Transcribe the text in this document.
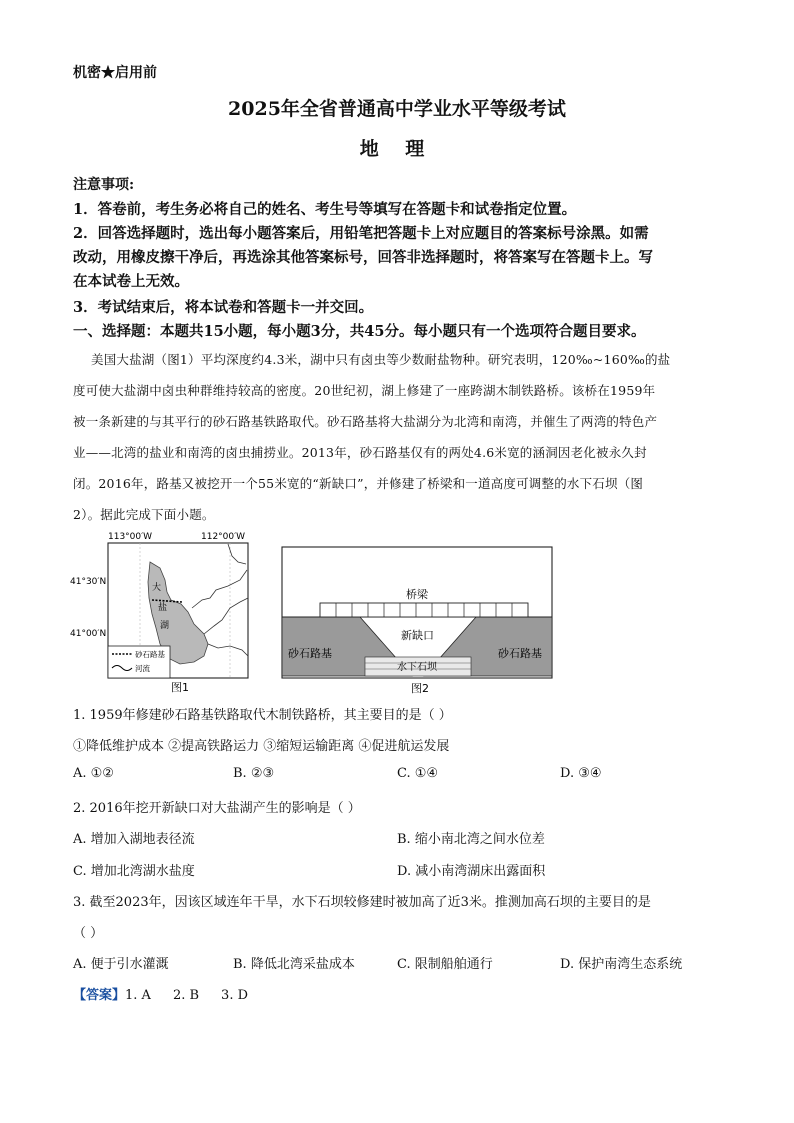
机密★启用前
2025年全省普通高中学业水平等级考试
地 理
注意事项:
1．答卷前，考生务必将自己的姓名、考生号等填写在答题卡和试卷指定位置。
2．回答选择题时，选出每小题答案后，用铅笔把答题卡上对应题目的答案标号涂黑。如需
改动，用橡皮擦干净后，再选涂其他答案标号，回答非选择题时，将答案写在答题卡上。写
在本试卷上无效。
3．考试结束后，将本试卷和答题卡一并交回。
一、选择题：本题共15小题，每小题3分，共45分。每小题只有一个选项符合题目要求。
美国大盐湖（图1）平均深度约4.3米，湖中只有卤虫等少数耐盐物种。研究表明，120‰~160‰的盐
度可使大盐湖中卤虫种群维持较高的密度。20世纪初，湖上修建了一座跨湖木制铁路桥。该桥在1959年
被一条新建的与其平行的砂石路基铁路取代。砂石路基将大盐湖分为北湾和南湾，并催生了两湾的特色产
业——北湾的盐业和南湾的卤虫捕捞业。2013年，砂石路基仅有的两处4.6米宽的涵洞因老化被永久封
闭。2016年，路基又被挖开一个55米宽的“新缺口”，并修建了桥梁和一道高度可调整的水下石坝（图
2）。据此完成下面小题。
113°00′W	112°00′W
41°30′N
41°00′N
大
盐
湖
砂石路基
河流
图1
桥梁
新缺口
砂石路基	砂石路基
水下石坝
图2
1. 1959年修建砂石路基铁路取代木制铁路桥，其主要目的是（ ）
①降低维护成本 ②提高铁路运力 ③缩短运输距离 ④促进航运发展
A. ①②	B. ②③	C. ①④	D. ③④
2. 2016年挖开新缺口对大盐湖产生的影响是（ ）
A. 增加入湖地表径流	B. 缩小南北湾之间水位差
C. 增加北湾湖水盐度	D. 减小南湾湖床出露面积
3. 截至2023年，因该区域连年干旱，水下石坝较修建时被加高了近3米。推测加高石坝的主要目的是
（ ）
A. 便于引水灌溉	B. 降低北湾采盐成本	C. 限制船舶通行	D. 保护南湾生态系统
【答案】1. A 2. B 3. D
